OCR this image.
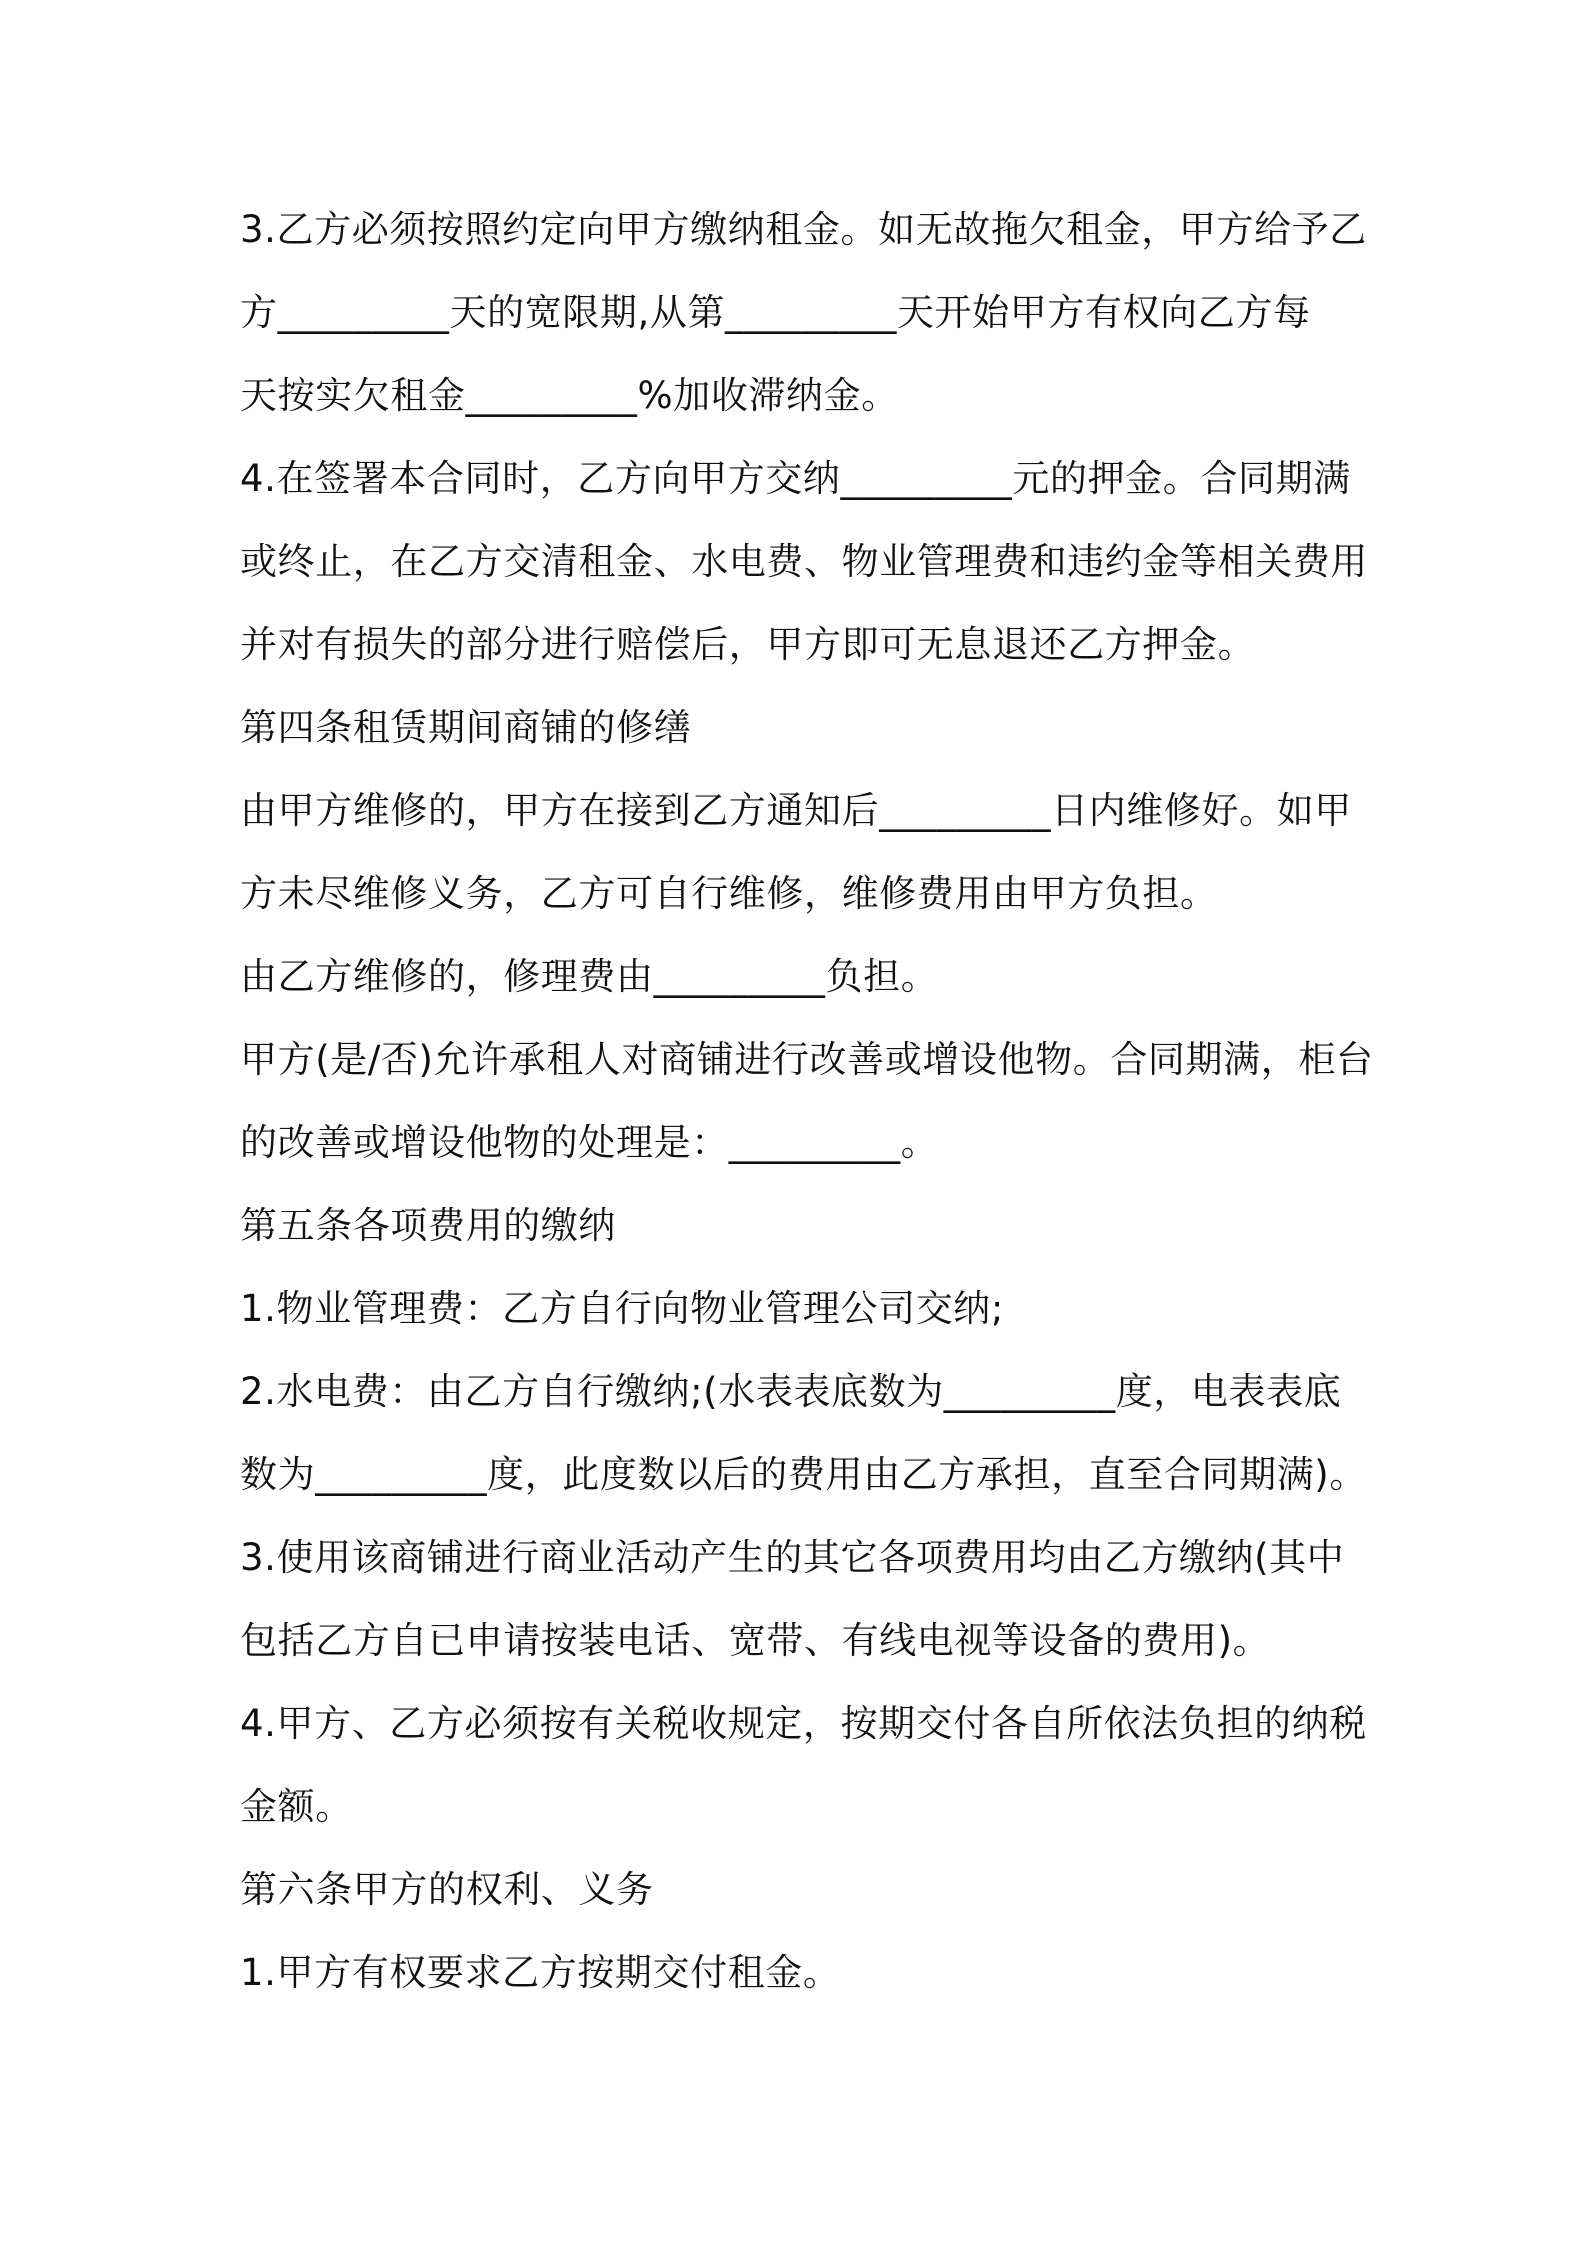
3.乙方必须按照约定向甲方缴纳租金。如无故拖欠租金，甲方给予乙

方_________天的宽限期,从第_________天开始甲方有权向乙方每

天按实欠租金_________%加收滞纳金。

4.在签署本合同时，乙方向甲方交纳_________元的押金。合同期满

或终止，在乙方交清租金、水电费、物业管理费和违约金等相关费用

并对有损失的部分进行赔偿后，甲方即可无息退还乙方押金。

第四条租赁期间商铺的修缮

由甲方维修的，甲方在接到乙方通知后_________日内维修好。如甲

方未尽维修义务，乙方可自行维修，维修费用由甲方负担。

由乙方维修的，修理费由_________负担。

甲方(是/否)允许承租人对商铺进行改善或增设他物。合同期满，柜台

的改善或增设他物的处理是：_________。

第五条各项费用的缴纳

1.物业管理费：乙方自行向物业管理公司交纳;

2.水电费：由乙方自行缴纳;(水表表底数为_________度，电表表底

数为_________度，此度数以后的费用由乙方承担，直至合同期满)。

3.使用该商铺进行商业活动产生的其它各项费用均由乙方缴纳(其中

包括乙方自已申请按装电话、宽带、有线电视等设备的费用)。

4.甲方、乙方必须按有关税收规定，按期交付各自所依法负担的纳税

金额。

第六条甲方的权利、义务

1.甲方有权要求乙方按期交付租金。
